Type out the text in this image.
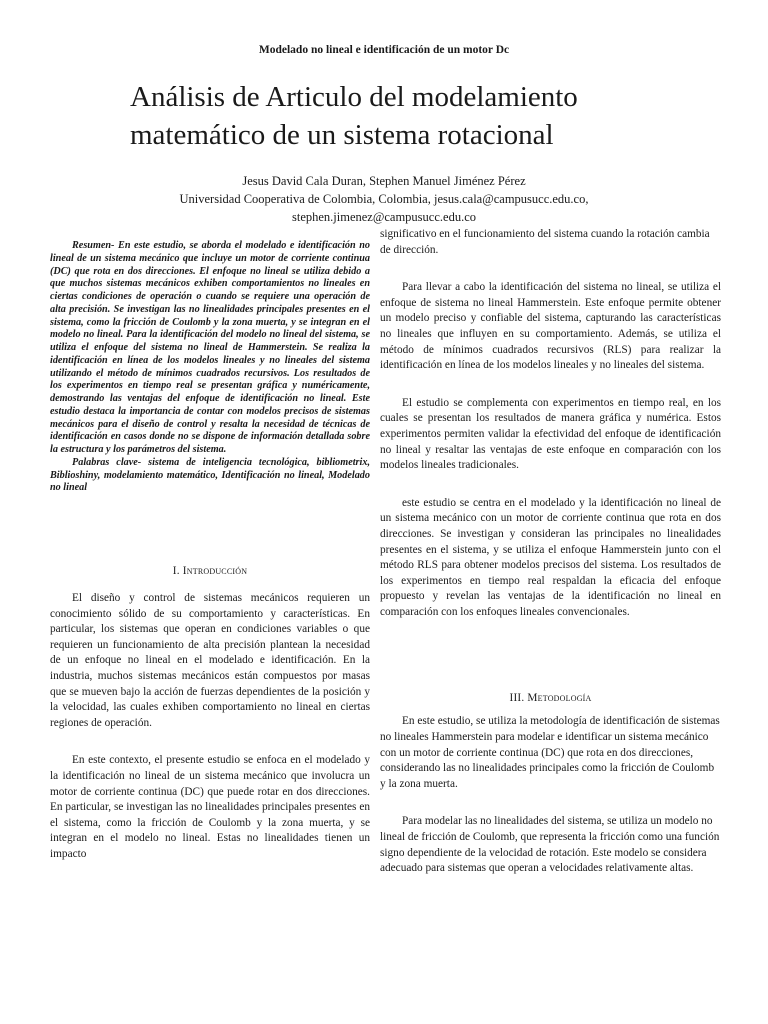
Modelado no lineal e identificación de un motor Dc
Análisis de Articulo del modelamiento matemático de un sistema rotacional
Jesus David Cala Duran, Stephen Manuel Jiménez Pérez
Universidad Cooperativa de Colombia, Colombia, jesus.cala@campusucc.edu.co,
stephen.jimenez@campusucc.edu.co

Resumen- En este estudio, se aborda el modelado e identificación no lineal de un sistema mecánico que incluye un motor de corriente continua (DC) que rota en dos direcciones. El enfoque no lineal se utiliza debido a que muchos sistemas mecánicos exhiben comportamientos no lineales en ciertas condiciones de operación o cuando se requiere una operación de alta precisión. Se investigan las no linealidades principales presentes en el sistema, como la fricción de Coulomb y la zona muerta, y se integran en el modelo no lineal. Para la identificación del modelo no lineal del sistema, se utiliza el enfoque del sistema no lineal de Hammerstein. Se realiza la identificación en línea de los modelos lineales y no lineales del sistema utilizando el método de mínimos cuadrados recursivos. Los resultados de los experimentos en tiempo real se presentan gráfica y numéricamente, demostrando las ventajas del enfoque de identificación no lineal. Este estudio destaca la importancia de contar con modelos precisos de sistemas mecánicos para el diseño de control y resalta la necesidad de técnicas de identificación en casos donde no se dispone de información detallada sobre la estructura y los parámetros del sistema.

Palabras clave- sistema de inteligencia tecnológica, bibliometrix, Biblioshiny, modelamiento matemático, Identificación no lineal, Modelado no lineal

I. Introducción

El diseño y control de sistemas mecánicos requieren un conocimiento sólido de su comportamiento y características. En particular, los sistemas que operan en condiciones variables o que requieren un funcionamiento de alta precisión plantean la necesidad de un enfoque no lineal en el modelado e identificación. En la industria, muchos sistemas mecánicos están compuestos por masas que se mueven bajo la acción de fuerzas dependientes de la posición y la velocidad, las cuales exhiben comportamiento no lineal en ciertas regiones de operación.

En este contexto, el presente estudio se enfoca en el modelado y la identificación no lineal de un sistema mecánico que involucra un motor de corriente continua (DC) que puede rotar en dos direcciones. En particular, se investigan las no linealidades principales presentes en el sistema, como la fricción de Coulomb y la zona muerta, y se integran en el modelo no lineal. Estas no linealidades tienen un impacto

significativo en el funcionamiento del sistema cuando la rotación cambia de dirección.

Para llevar a cabo la identificación del sistema no lineal, se utiliza el enfoque de sistema no lineal Hammerstein. Este enfoque permite obtener un modelo preciso y confiable del sistema, capturando las características no lineales que influyen en su comportamiento. Además, se utiliza el método de mínimos cuadrados recursivos (RLS) para realizar la identificación en línea de los modelos lineales y no lineales del sistema.

El estudio se complementa con experimentos en tiempo real, en los cuales se presentan los resultados de manera gráfica y numérica. Estos experimentos permiten validar la efectividad del enfoque de identificación no lineal y resaltar las ventajas de este enfoque en comparación con los modelos lineales tradicionales.

este estudio se centra en el modelado y la identificación no lineal de un sistema mecánico con un motor de corriente continua que rota en dos direcciones. Se investigan y consideran las principales no linealidades presentes en el sistema, y se utiliza el enfoque Hammerstein junto con el método RLS para obtener modelos precisos del sistema. Los resultados de los experimentos en tiempo real respaldan la eficacia del enfoque propuesto y revelan las ventajas de la identificación no lineal en comparación con los enfoques lineales convencionales.

III. Metodología

En este estudio, se utiliza la metodología de identificación de sistemas no lineales Hammerstein para modelar e identificar un sistema mecánico con un motor de corriente continua (DC) que rota en dos direcciones, considerando las no linealidades principales como la fricción de Coulomb y la zona muerta.

Para modelar las no linealidades del sistema, se utiliza un modelo no lineal de fricción de Coulomb, que representa la fricción como una función signo dependiente de la velocidad de rotación. Este modelo se considera adecuado para sistemas que operan a velocidades relativamente altas.
